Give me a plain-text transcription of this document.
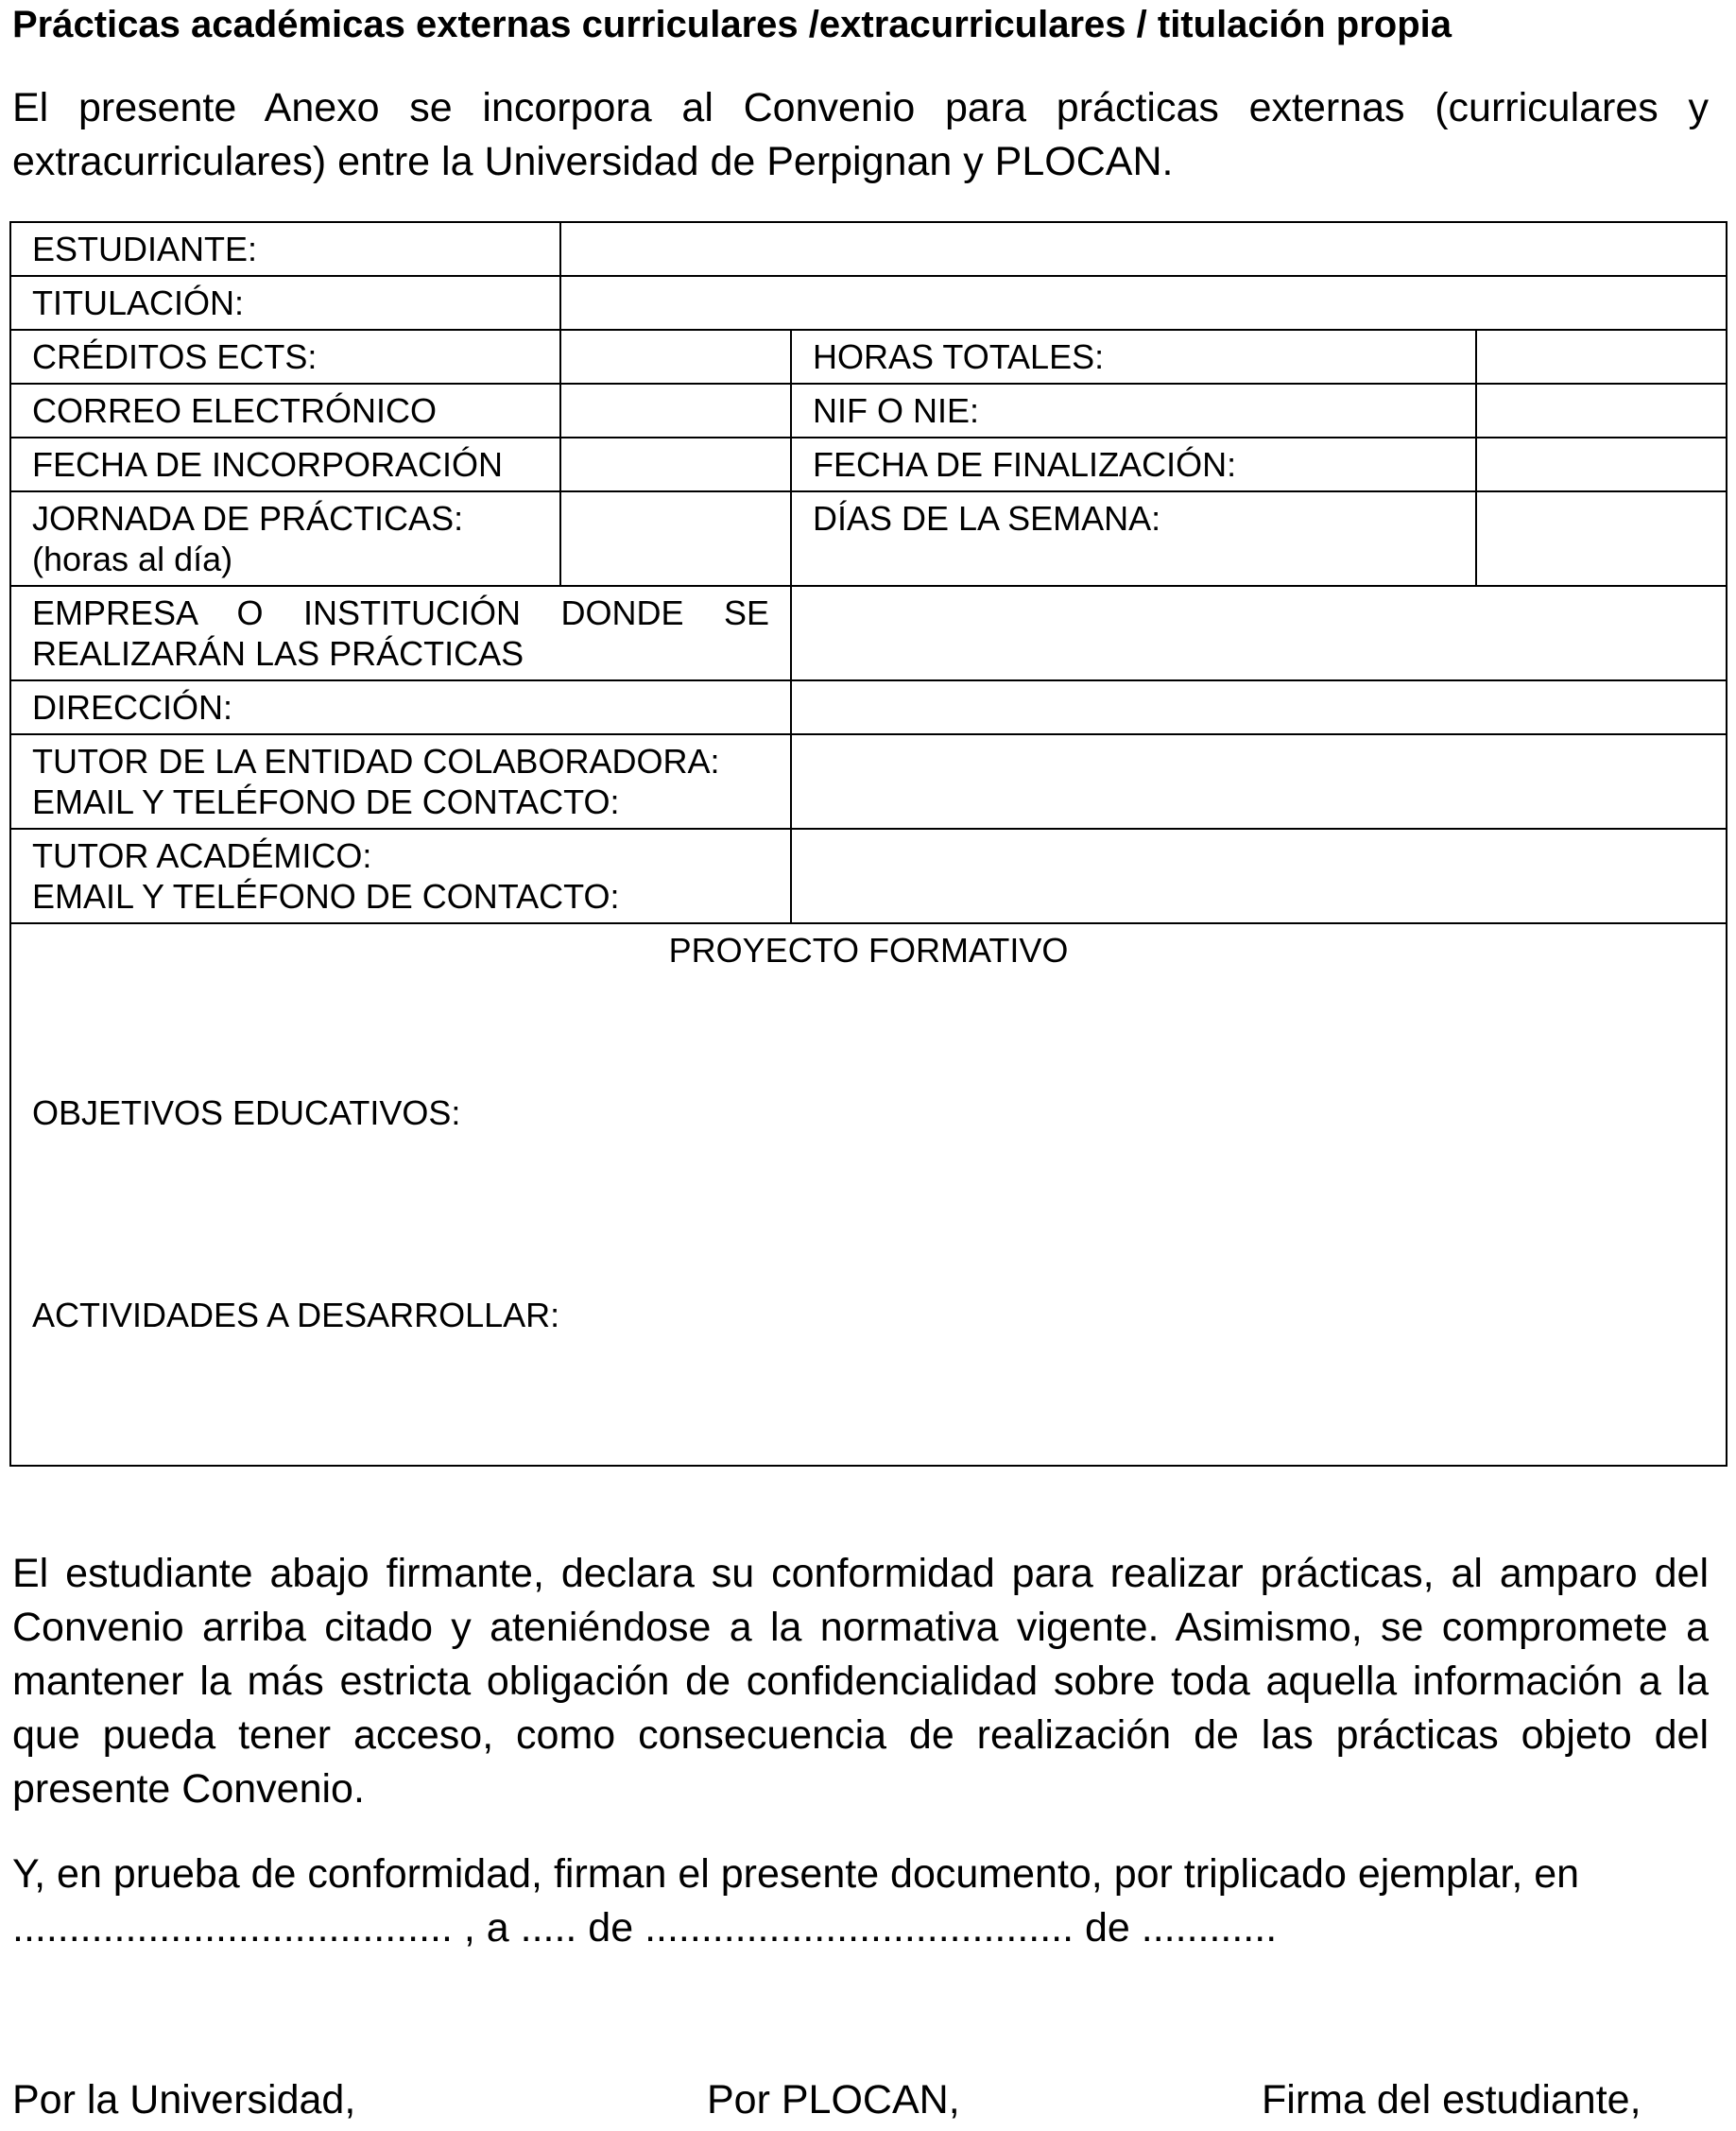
Prácticas académicas externas curriculares /extracurriculares / titulación propia
El presente Anexo se incorpora al Convenio para prácticas externas (curriculares y extracurriculares) entre la Universidad de Perpignan y PLOCAN.
ESTUDIANTE:			
TITULACIÓN:			
CRÉDITOS ECTS:		HORAS TOTALES:	
CORREO ELECTRÓNICO		NIF O NIE:	
FECHA DE INCORPORACIÓN		FECHA DE FINALIZACIÓN:	

JORNADA DE PRÁCTICAS:
(horas al día)		DÍAS DE LA SEMANA:	
EMPRESA O INSTITUCIÓN DONDE SE REALIZARÁN LAS PRÁCTICAS			
DIRECCIÓN:			

TUTOR DE LA ENTIDAD COLABORADORA:
EMAIL Y TELÉFONO DE CONTACTO:			

TUTOR ACADÉMICO:
EMAIL Y TELÉFONO DE CONTACTO:			

PROYECTO FORMATIVO
OBJETIVOS EDUCATIVOS:
ACTIVIDADES A DESARROLLAR:			
El estudiante abajo firmante, declara su conformidad para realizar prácticas, al amparo del Convenio arriba citado y ateniéndose a la normativa vigente. Asimismo, se compromete a mantener la más estricta obligación de confidencialidad sobre toda aquella información a la que pueda tener acceso, como consecuencia de realización de las prácticas objeto del presente Convenio.
Y, en prueba de conformidad, firman el presente documento, por triplicado ejemplar, en
....................................... , a ..... de ...................................... de ............
Por la Universidad,	Por PLOCAN,	Firma del estudiante,
